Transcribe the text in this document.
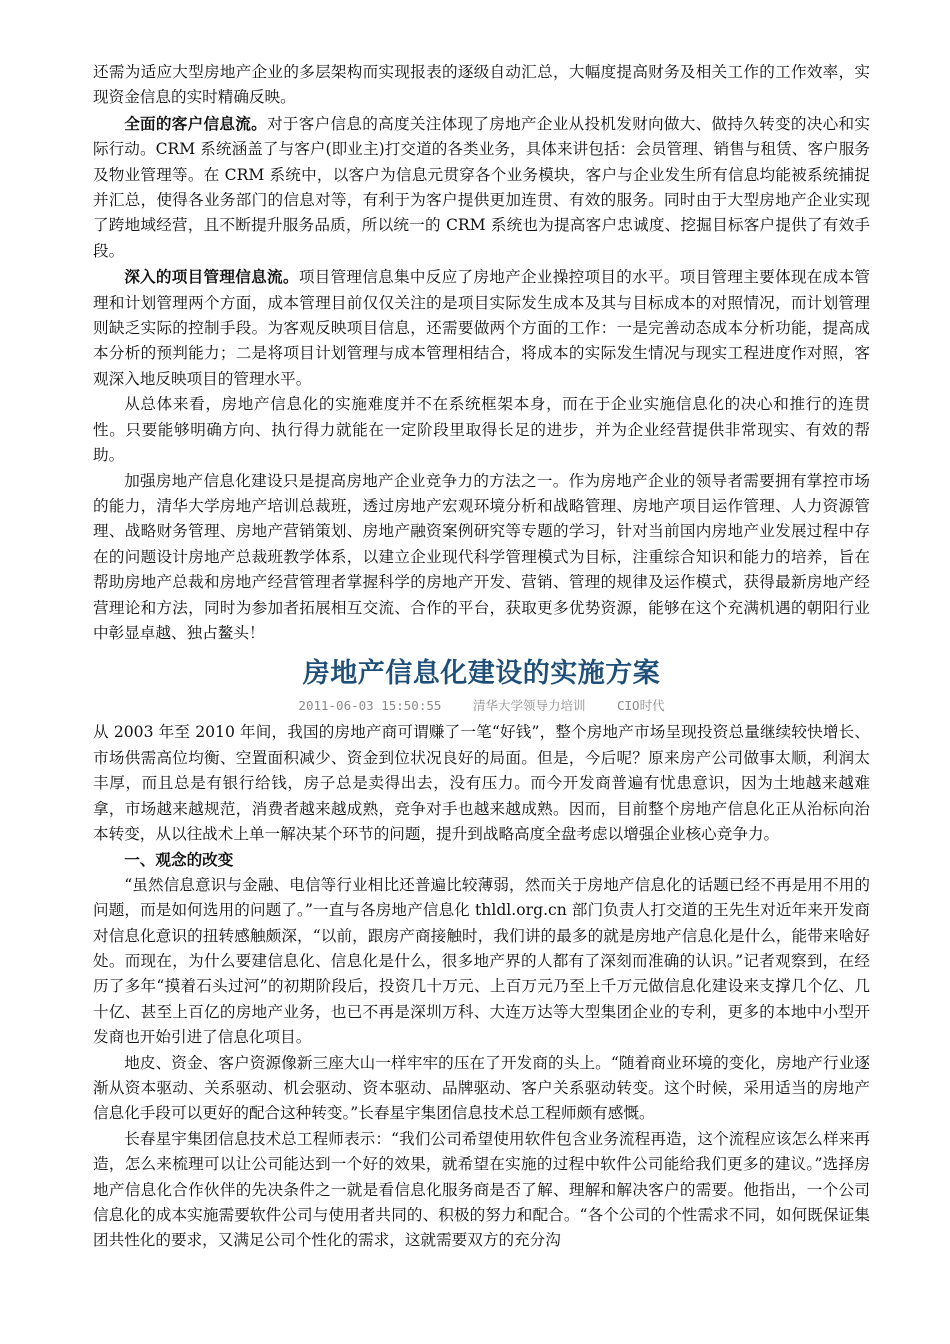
还需为适应大型房地产企业的多层架构而实现报表的逐级自动汇总，大幅度提高财务及相关工作的工作效率，实现资金信息的实时精确反映。

全面的客户信息流。对于客户信息的高度关注体现了房地产企业从投机发财向做大、做持久转变的决心和实际行动。CRM 系统涵盖了与客户(即业主)打交道的各类业务，具体来讲包括：会员管理、销售与租赁、客户服务及物业管理等。在 CRM 系统中，以客户为信息元贯穿各个业务模块，客户与企业发生所有信息均能被系统捕捉并汇总，使得各业务部门的信息对等，有利于为客户提供更加连贯、有效的服务。同时由于大型房地产企业实现了跨地域经营，且不断提升服务品质，所以统一的 CRM 系统也为提高客户忠诚度、挖掘目标客户提供了有效手段。

深入的项目管理信息流。项目管理信息集中反应了房地产企业操控项目的水平。项目管理主要体现在成本管理和计划管理两个方面，成本管理目前仅仅关注的是项目实际发生成本及其与目标成本的对照情况，而计划管理则缺乏实际的控制手段。为客观反映项目信息，还需要做两个方面的工作：一是完善动态成本分析功能，提高成本分析的预判能力；二是将项目计划管理与成本管理相结合，将成本的实际发生情况与现实工程进度作对照，客观深入地反映项目的管理水平。

从总体来看，房地产信息化的实施难度并不在系统框架本身，而在于企业实施信息化的决心和推行的连贯性。只要能够明确方向、执行得力就能在一定阶段里取得长足的进步，并为企业经营提供非常现实、有效的帮助。

加强房地产信息化建设只是提高房地产企业竞争力的方法之一。作为房地产企业的领导者需要拥有掌控市场的能力，清华大学房地产培训总裁班，透过房地产宏观环境分析和战略管理、房地产项目运作管理、人力资源管理、战略财务管理、房地产营销策划、房地产融资案例研究等专题的学习，针对当前国内房地产业发展过程中存在的问题设计房地产总裁班教学体系，以建立企业现代科学管理模式为目标，注重综合知识和能力的培养，旨在帮助房地产总裁和房地产经营管理者掌握科学的房地产开发、营销、管理的规律及运作模式，获得最新房地产经营理论和方法，同时为参加者拓展相互交流、合作的平台，获取更多优势资源，能够在这个充满机遇的朝阳行业中彰显卓越、独占鳌头！

房地产信息化建设的实施方案
2011-06-03 15:50:55	清华大学领导力培训	CIO时代

从 2003 年至 2010 年间，我国的房地产商可谓赚了一笔“好钱”，整个房地产市场呈现投资总量继续较快增长、市场供需高位均衡、空置面积减少、资金到位状况良好的局面。但是，今后呢？原来房产公司做事太顺，利润太丰厚，而且总是有银行给钱，房子总是卖得出去，没有压力。而今开发商普遍有忧患意识，因为土地越来越难拿，市场越来越规范，消费者越来越成熟，竞争对手也越来越成熟。因而，目前整个房地产信息化正从治标向治本转变，从以往战术上单一解决某个环节的问题，提升到战略高度全盘考虑以增强企业核心竞争力。

一、观念的改变

“虽然信息意识与金融、电信等行业相比还普遍比较薄弱，然而关于房地产信息化的话题已经不再是用不用的问题，而是如何选用的问题了。”一直与各房地产信息化 thldl.org.cn 部门负责人打交道的王先生对近年来开发商对信息化意识的扭转感触颇深，“以前，跟房产商接触时，我们讲的最多的就是房地产信息化是什么，能带来啥好处。而现在，为什么要建信息化、信息化是什么，很多地产界的人都有了深刻而准确的认识。”记者观察到，在经历了多年“摸着石头过河”的初期阶段后，投资几十万元、上百万元乃至上千万元做信息化建设来支撑几个亿、几十亿、甚至上百亿的房地产业务，也已不再是深圳万科、大连万达等大型集团企业的专利，更多的本地中小型开发商也开始引进了信息化项目。

地皮、资金、客户资源像新三座大山一样牢牢的压在了开发商的头上。“随着商业环境的变化，房地产行业逐渐从资本驱动、关系驱动、机会驱动、资本驱动、品牌驱动、客户关系驱动转变。这个时候，采用适当的房地产信息化手段可以更好的配合这种转变。”长春星宇集团信息技术总工程师颇有感慨。

长春星宇集团信息技术总工程师表示：“我们公司希望使用软件包含业务流程再造，这个流程应该怎么样来再造，怎么来梳理可以让公司能达到一个好的效果，就希望在实施的过程中软件公司能给我们更多的建议。”选择房地产信息化合作伙伴的先决条件之一就是看信息化服务商是否了解、理解和解决客户的需要。他指出，一个公司信息化的成本实施需要软件公司与使用者共同的、积极的努力和配合。“各个公司的个性需求不同，如何既保证集团共性化的要求，又满足公司个性化的需求，这就需要双方的充分沟
